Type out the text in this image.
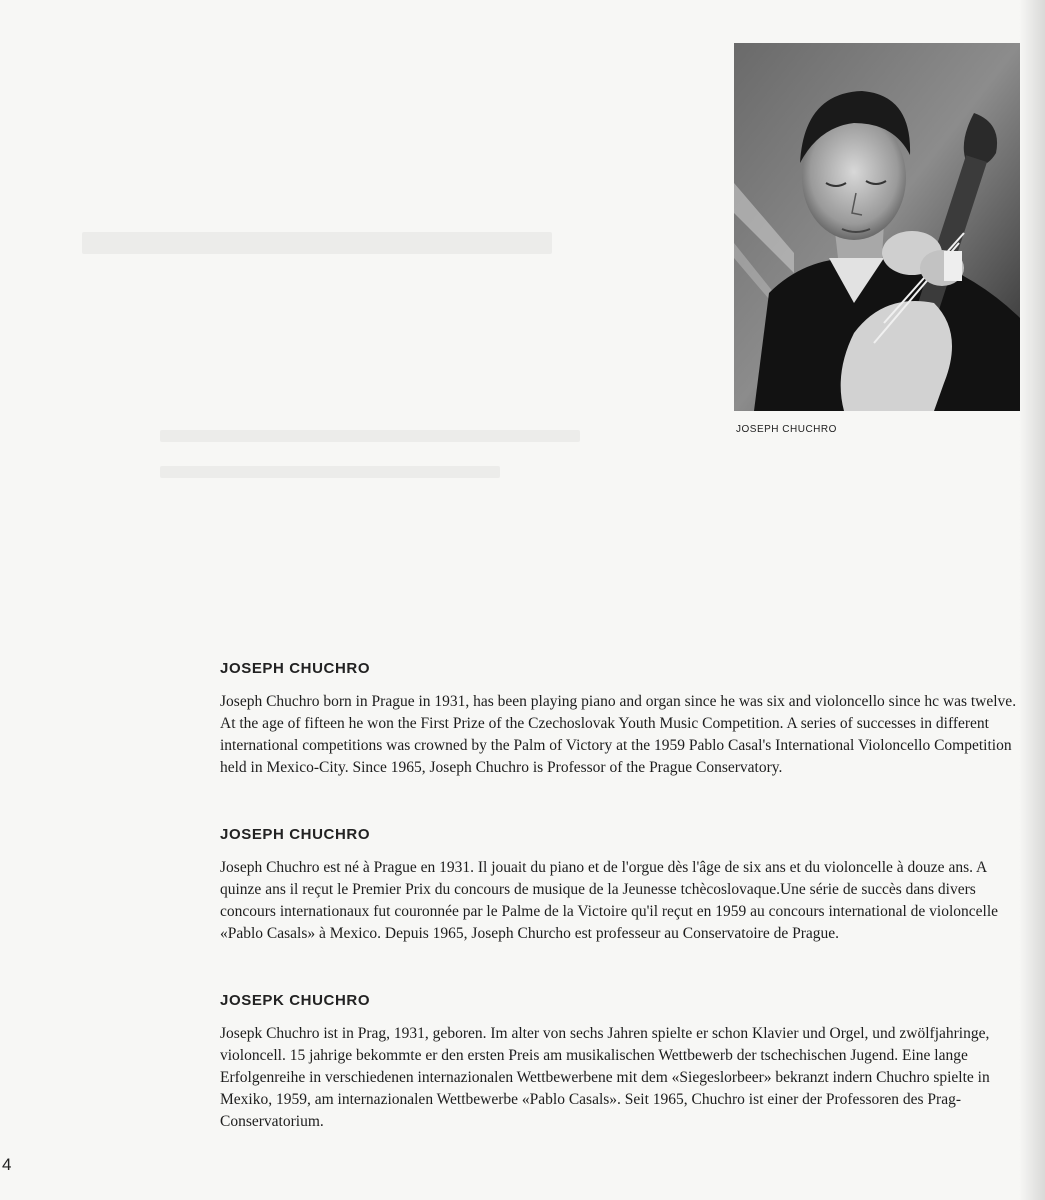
JOSEPH CHUCHRO
JOSEPH CHUCHRO

Joseph Chuchro born in Prague in 1931, has been playing piano and organ since he was six and violoncello since hc was twelve. At the age of fifteen he won the First Prize of the Czechoslovak Youth Music Competition. A series of successes in different international competitions was crowned by the Palm of Victory at the 1959 Pablo Casal's International Violoncello Competition held in Mexico-City. Since 1965, Joseph Chuchro is Professor of the Prague Conservatory.

JOSEPH CHUCHRO

Joseph Chuchro est né à Prague en 1931. Il jouait du piano et de l'orgue dès l'âge de six ans et du violoncelle à douze ans. A quinze ans il reçut le Premier Prix du concours de musique de la Jeunesse tchècoslovaque.Une série de succès dans divers concours internationaux fut couronnée par le Palme de la Victoire qu'il reçut en 1959 au concours international de violoncelle «Pablo Casals» à Mexico. Depuis 1965, Joseph Churcho est professeur au Conservatoire de Prague.

JOSEPK CHUCHRO

Josepk Chuchro ist in Prag, 1931, geboren. Im alter von sechs Jahren spielte er schon Klavier und Orgel, und zwölfjahringe, violoncell. 15 jahrige bekommte er den ersten Preis am musikalischen Wettbewerb der tschechischen Jugend. Eine lange Erfolgenreihe in verschiedenen internazionalen Wettbewerbene mit dem «Siegeslorbeer» bekranzt indern Chuchro spielte in Mexiko, 1959, am internazionalen Wettbewerbe «Pablo Casals». Seit 1965, Chuchro ist einer der Professoren des Prag-Conservatorium.

4
